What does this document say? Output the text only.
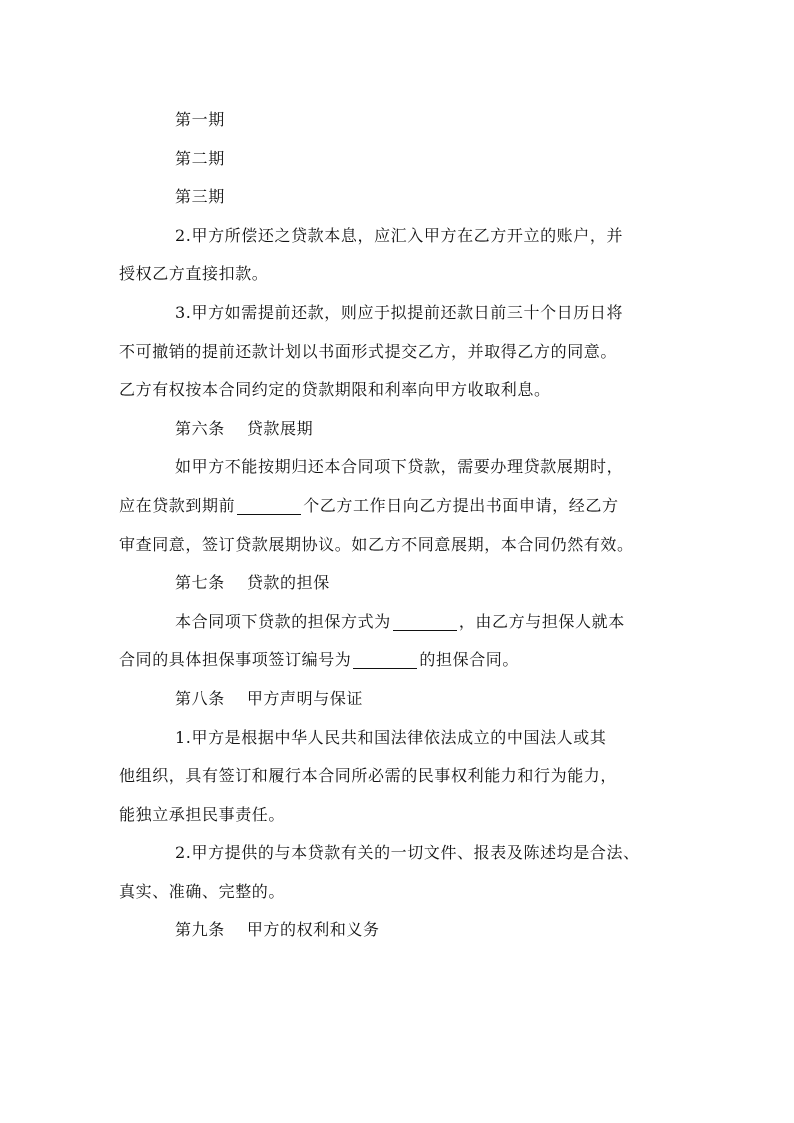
第一期
第二期
第三期
2.甲方所偿还之贷款本息，应汇入甲方在乙方开立的账户，并
授权乙方直接扣款。
3.甲方如需提前还款，则应于拟提前还款日前三十个日历日将
不可撤销的提前还款计划以书面形式提交乙方，并取得乙方的同意。
乙方有权按本合同约定的贷款期限和利率向甲方收取利息。
第六条 贷款展期
如甲方不能按期归还本合同项下贷款，需要办理贷款展期时，
应在贷款到期前	个乙方工作日向乙方提出书面申请，经乙方
审查同意，签订贷款展期协议。如乙方不同意展期，本合同仍然有效。
第七条 贷款的担保
本合同项下贷款的担保方式为	，由乙方与担保人就本
合同的具体担保事项签订编号为	的担保合同。
第八条 甲方声明与保证
1.甲方是根据中华人民共和国法律依法成立的中国法人或其
他组织，具有签订和履行本合同所必需的民事权利能力和行为能力，
能独立承担民事责任。
2.甲方提供的与本贷款有关的一切文件、报表及陈述均是合法、
真实、准确、完整的。
第九条 甲方的权利和义务
